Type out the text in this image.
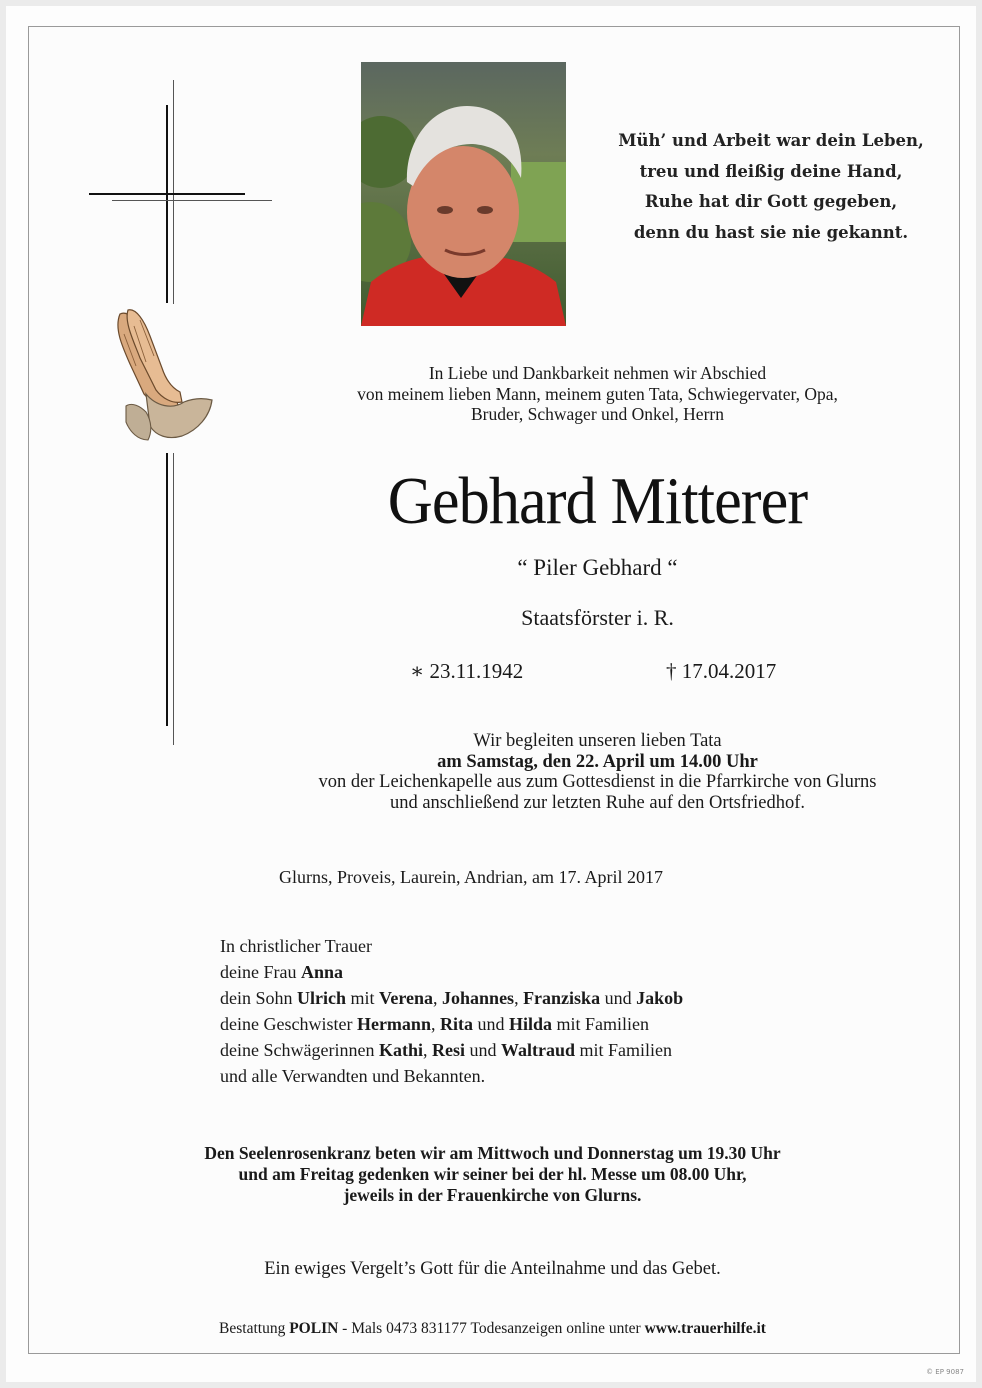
Müh’ und Arbeit war dein Leben,
treu und fleißig deine Hand,
Ruhe hat dir Gott gegeben,
denn du hast sie nie gekannt.
In Liebe und Dankbarkeit nehmen wir Abschied
von meinem lieben Mann, meinem guten Tata, Schwiegervater, Opa,
Bruder, Schwager und Onkel, Herrn
Gebhard Mitterer
“ Piler Gebhard “
Staatsförster i. R.
∗ 23.11.1942	† 17.04.2017
Wir begleiten unseren lieben Tata
am Samstag, den 22. April um 14.00 Uhr
von der Leichenkapelle aus zum Gottesdienst in die Pfarrkirche von Glurns
und anschließend zur letzten Ruhe auf den Ortsfriedhof.
Glurns, Proveis, Laurein, Andrian, am 17. April 2017
In christlicher Trauer
deine Frau Anna
dein Sohn Ulrich mit Verena, Johannes, Franziska und Jakob
deine Geschwister Hermann, Rita und Hilda mit Familien
deine Schwägerinnen Kathi, Resi und Waltraud mit Familien
und alle Verwandten und Bekannten.
Den Seelenrosenkranz beten wir am Mittwoch und Donnerstag um 19.30 Uhr
und am Freitag gedenken wir seiner bei der hl. Messe um 08.00 Uhr,
jeweils in der Frauenkirche von Glurns.
Ein ewiges Vergelt’s Gott für die Anteilnahme und das Gebet.
Bestattung POLIN - Mals 0473 831177 Todesanzeigen online unter www.trauerhilfe.it
© EP 9087
